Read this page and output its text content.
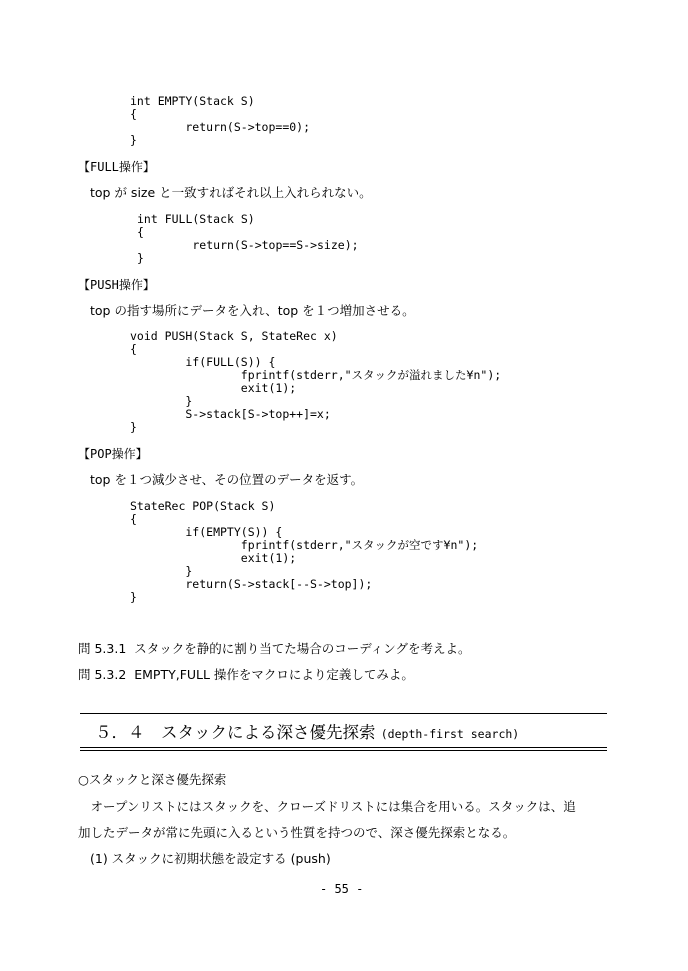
int EMPTY(Stack S)
{
return(S->top==0);
}
【FULL操作】
top が size と一致すればそれ以上入れられない。
int FULL(Stack S)
{
return(S->top==S->size);
}
【PUSH操作】
top の指す場所にデータを入れ、top を１つ増加させる。
void PUSH(Stack S, StateRec x)
{
if(FULL(S)) {
fprintf(stderr,"スタックが溢れました¥n");
exit(1);
}
S->stack[S->top++]=x;
}
【POP操作】
top を１つ減少させ、その位置のデータを返す。
StateRec POP(Stack S)
{
if(EMPTY(S)) {
fprintf(stderr,"スタックが空です¥n");
exit(1);
}
return(S->stack[--S->top]);
}
問 5.3.1  スタックを静的に割り当てた場合のコーディングを考えよ。
問 5.3.2  EMPTY,FULL 操作をマクロにより定義してみよ。
５．４　スタックによる深さ優先探索 (depth-first search)
○スタックと深さ優先探索
　オープンリストにはスタックを、クローズドリストには集合を用いる。スタックは、追
加したデータが常に先頭に入るという性質を持つので、深さ優先探索となる。
(1) スタックに初期状態を設定する (push)
- 55 -
